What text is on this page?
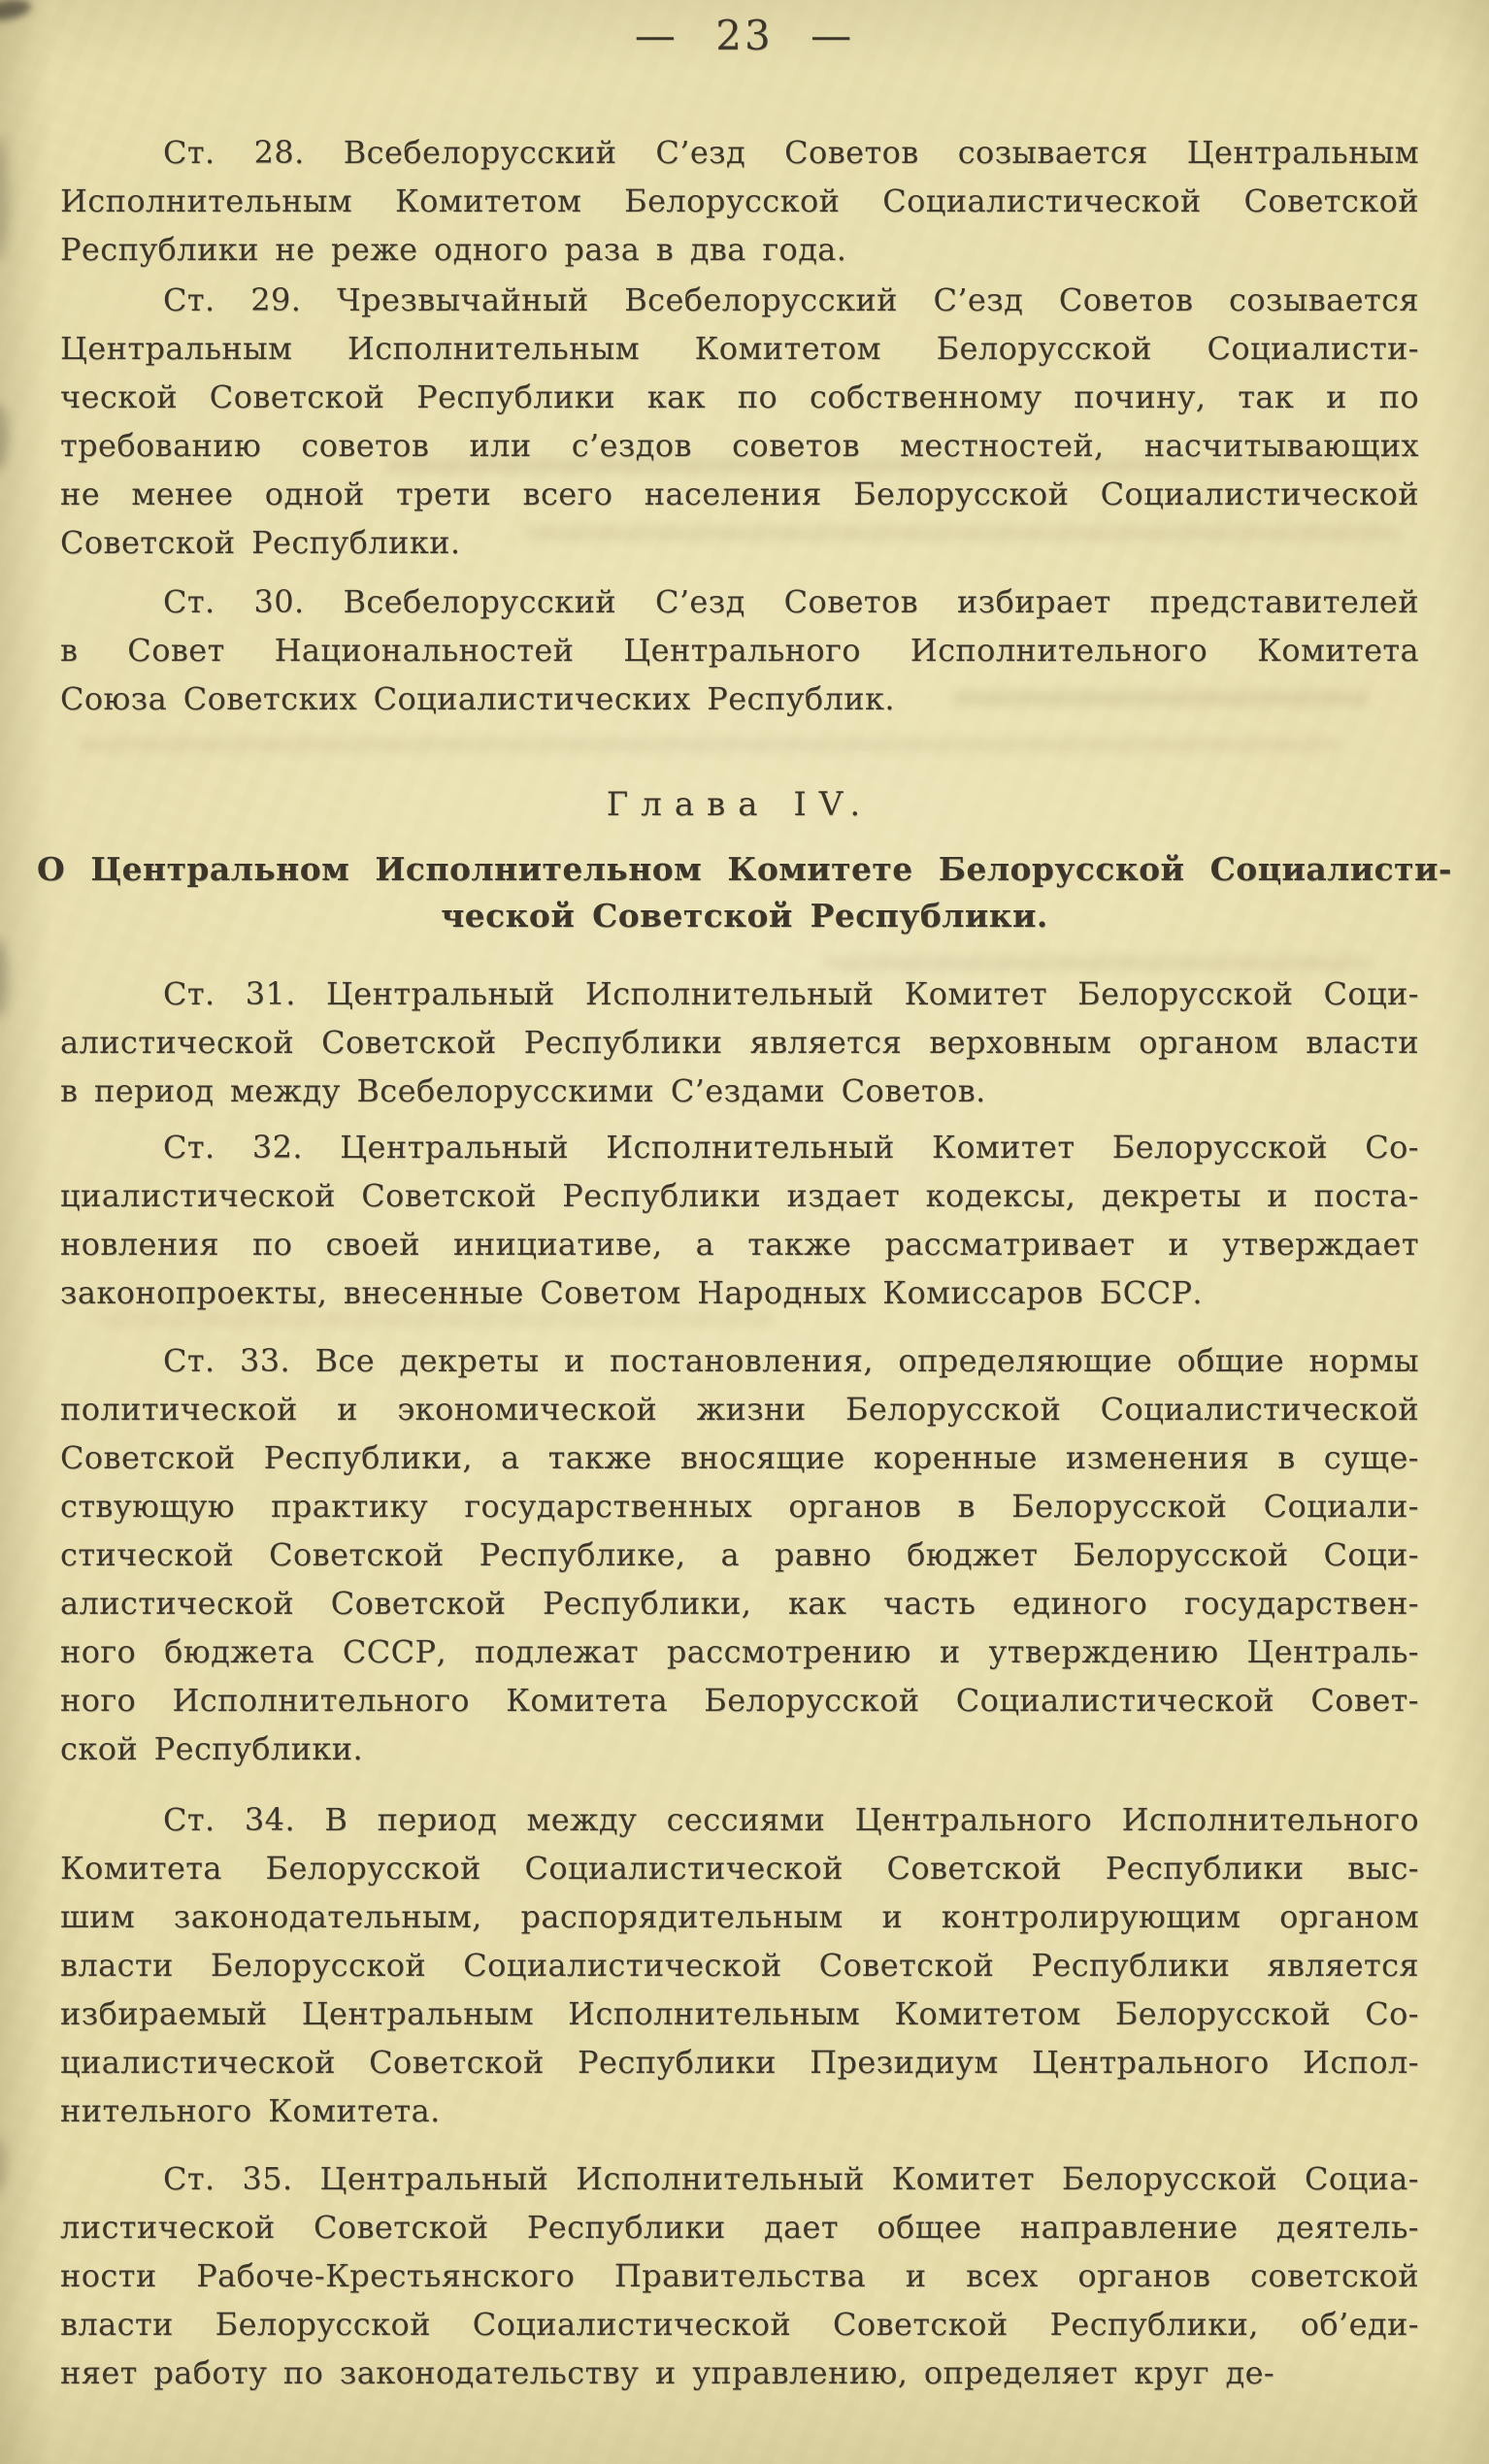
— 23 —
Ст. 28. Всебелорусский С’езд Советов созывается Центральным
Исполнительным Комитетом Белорусской Социалистической Советской
Республики не реже одного раза в два года.
Ст. 29. Чрезвычайный Всебелорусский С’езд Советов созывается
Центральным Исполнительным Комитетом Белорусской Социалисти-
ческой Советской Республики как по собственному почину, так и по
требованию советов или с’ездов советов местностей, насчитывающих
не менее одной трети всего населения Белорусской Социалистической
Советской Республики.
Ст. 30. Всебелорусский С’езд Советов избирает представителей
в Совет Национальностей Центрального Исполнительного Комитета
Союза Советских Социалистических Республик.
Глава IV.
О Центральном Исполнительном Комитете Белорусской Социалисти-
ческой Советской Республики.
Ст. 31. Центральный Исполнительный Комитет Белорусской Соци-
алистической Советской Республики является верховным органом власти
в период между Всебелорусскими С’ездами Советов.
Ст. 32. Центральный Исполнительный Комитет Белорусской Со-
циалистической Советской Республики издает кодексы, декреты и поста-
новления по своей инициативе, а также рассматривает и утверждает
законопроекты, внесенные Советом Народных Комиссаров БССР.
Ст. 33. Все декреты и постановления, определяющие общие нормы
политической и экономической жизни Белорусской Социалистической
Советской Республики, а также вносящие коренные изменения в суще-
ствующую практику государственных органов в Белорусской Социали-
стической Советской Республике, а равно бюджет Белорусской Соци-
алистической Советской Республики, как часть единого государствен-
ного бюджета СССР, подлежат рассмотрению и утверждению Централь-
ного Исполнительного Комитета Белорусской Социалистической Совет-
ской Республики.
Ст. 34. В период между сессиями Центрального Исполнительного
Комитета Белорусской Социалистической Советской Республики выс-
шим законодательным, распорядительным и контролирующим органом
власти Белорусской Социалистической Советской Республики является
избираемый Центральным Исполнительным Комитетом Белорусской Со-
циалистической Советской Республики Президиум Центрального Испол-
нительного Комитета.
Ст. 35. Центральный Исполнительный Комитет Белорусской Социа-
листической Советской Республики дает общее направление деятель-
ности Рабоче-Крестьянского Правительства и всех органов советской
власти Белорусской Социалистической Советской Республики, об’еди-
няет работу по законодательству и управлению, определяет круг де-
